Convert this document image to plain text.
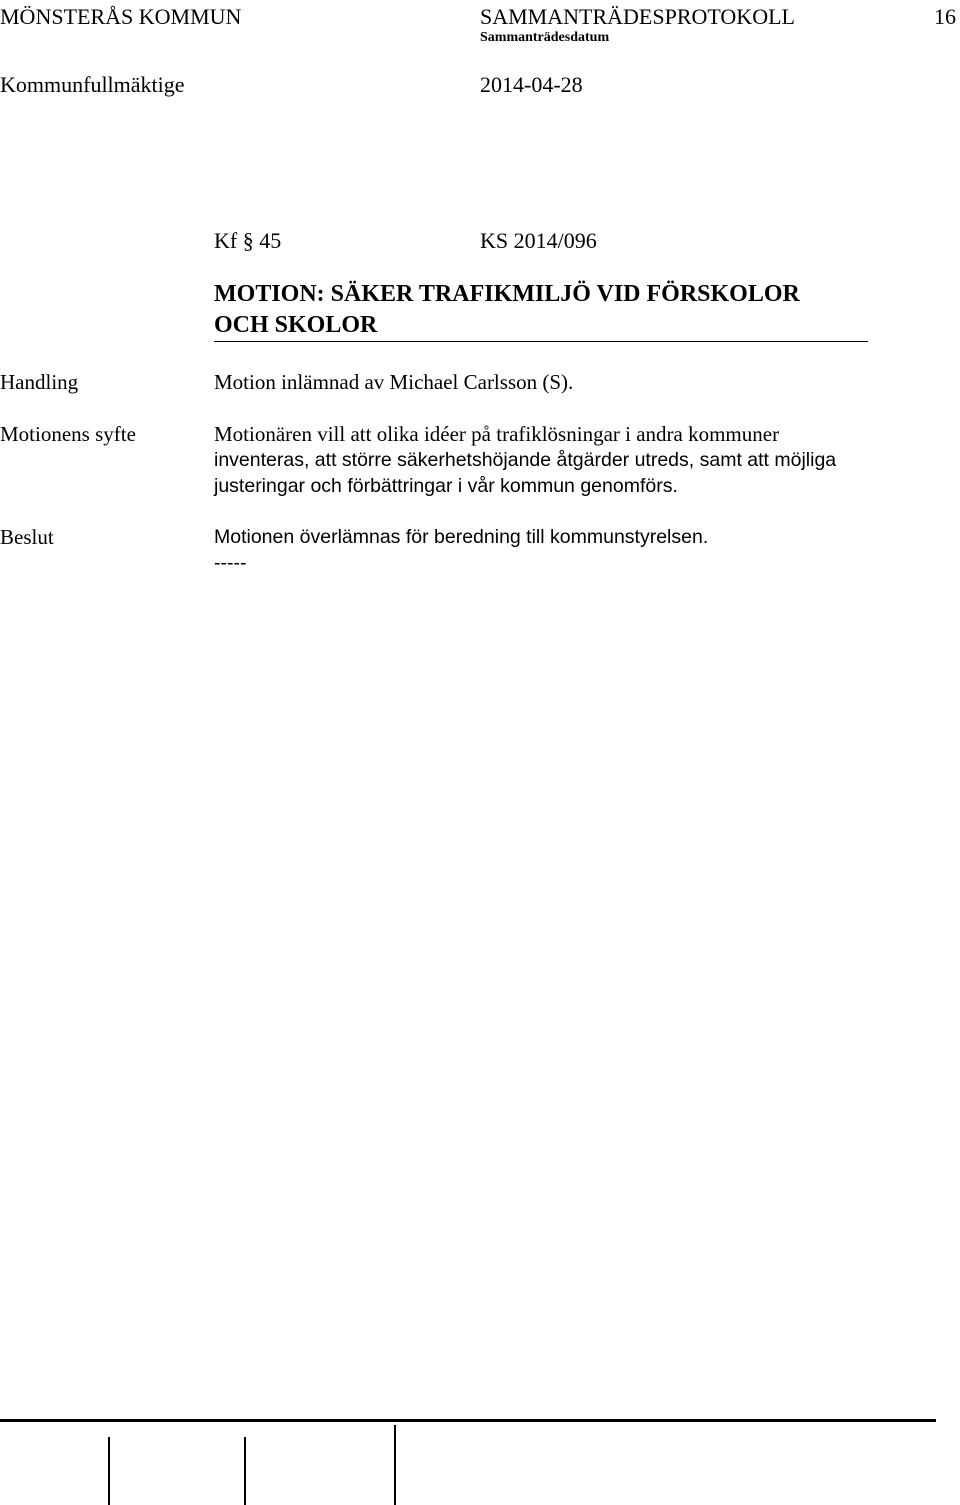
MÖNSTERÅS KOMMUN	SAMMANTRÄDESPROTOKOLL	16
Sammanträdesdatum
Kommunfullmäktige	2014-04-28
Kf § 45	KS 2014/096
MOTION: SÄKER TRAFIKMILJÖ VID FÖRSKOLOR
OCH SKOLOR
Handling	Motion inlämnad av Michael Carlsson (S).
Motionens syfte	Motionären vill att olika idéer på trafiklösningar i andra kommuner
inventeras, att större säkerhetshöjande åtgärder utreds, samt att möjliga
justeringar och förbättringar i vår kommun genomförs.
Beslut	Motionen överlämnas för beredning till kommunstyrelsen.
-----
